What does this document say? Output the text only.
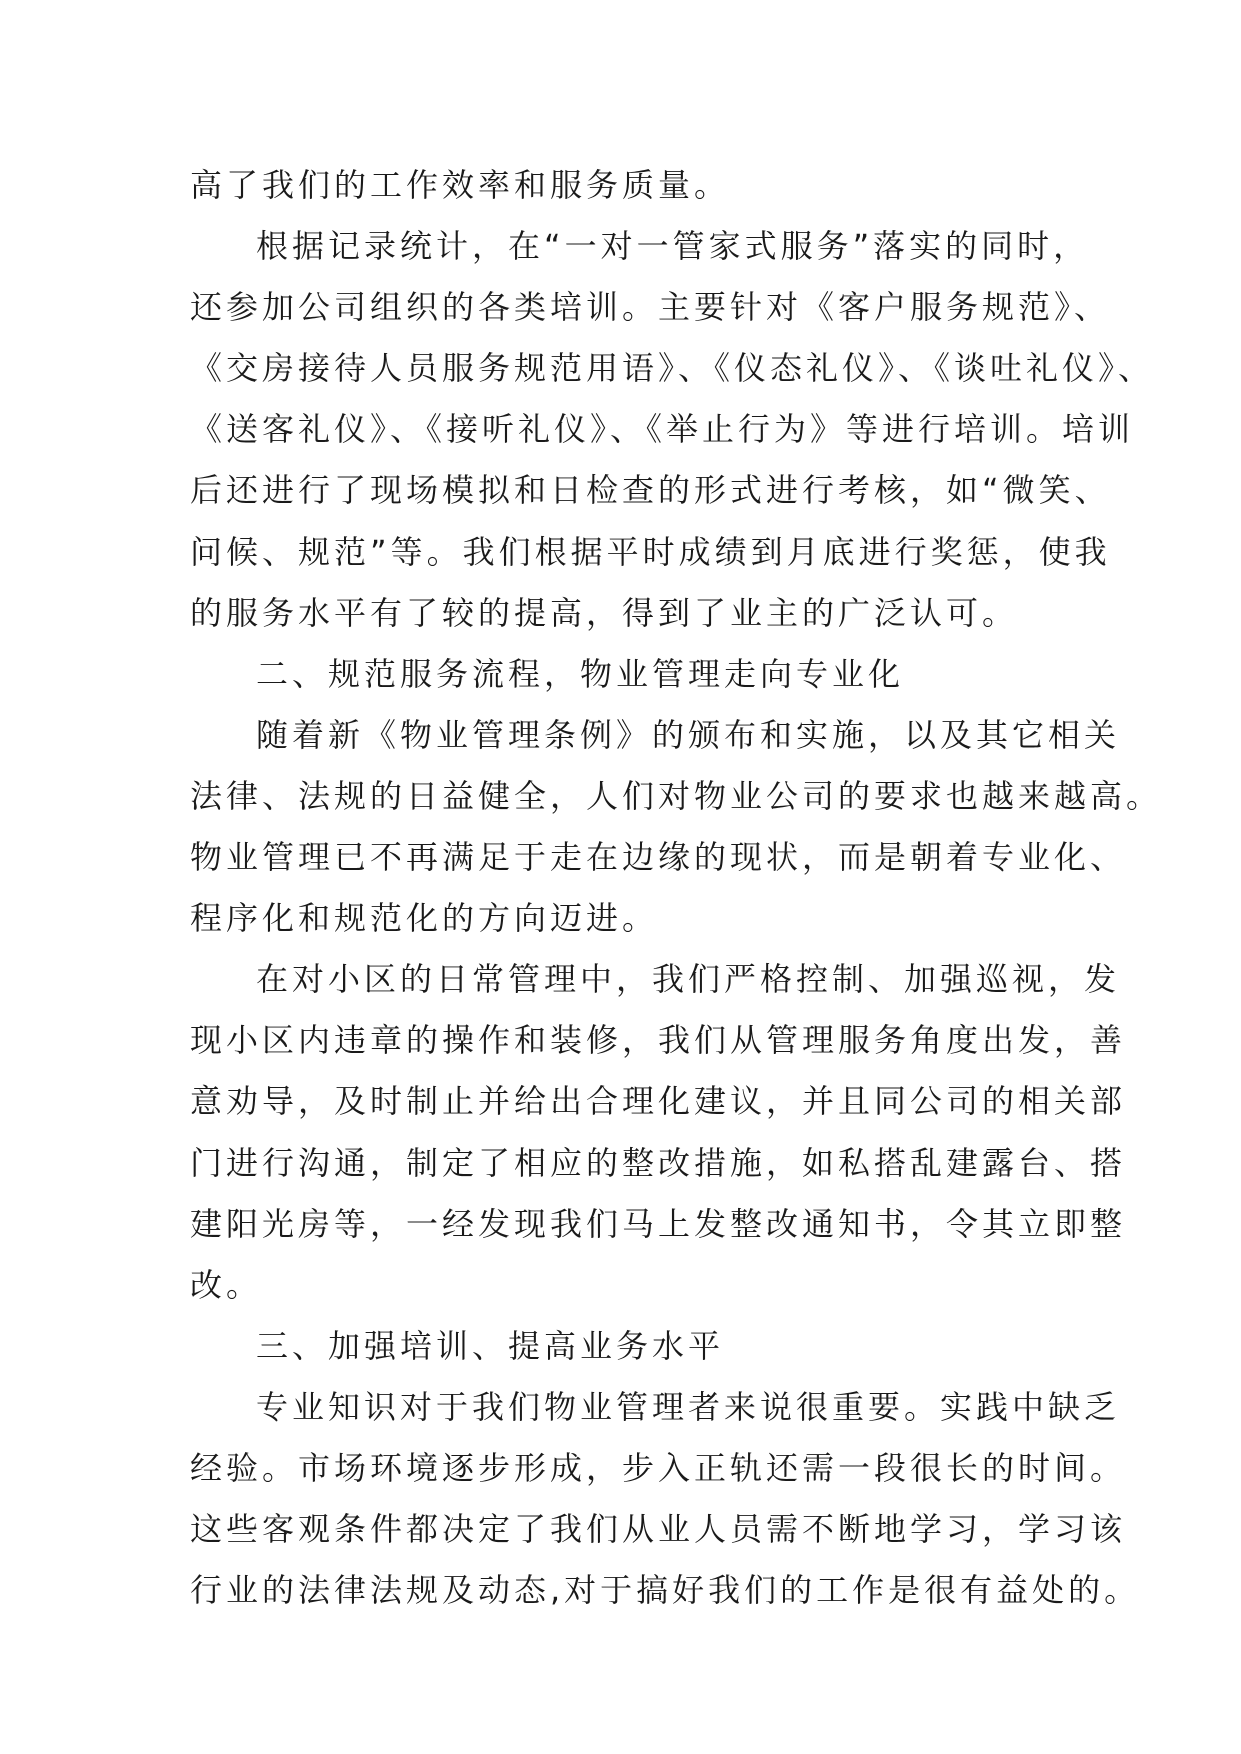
高了我们的工作效率和服务质量。
根据记录统计，在“一对一管家式服务”落实的同时，
还参加公司组织的各类培训。主要针对《客户服务规范》、
《交房接待人员服务规范用语》、《仪态礼仪》、《谈吐礼仪》、
《送客礼仪》、《接听礼仪》、《举止行为》等进行培训。培训
后还进行了现场模拟和日检查的形式进行考核，如“微笑、
问候、规范”等。我们根据平时成绩到月底进行奖惩，使我
的服务水平有了较的提高，得到了业主的广泛认可。
二、规范服务流程，物业管理走向专业化
随着新《物业管理条例》的颁布和实施，以及其它相关
法律、法规的日益健全，人们对物业公司的要求也越来越高。
物业管理已不再满足于走在边缘的现状，而是朝着专业化、
程序化和规范化的方向迈进。
在对小区的日常管理中，我们严格控制、加强巡视，发
现小区内违章的操作和装修，我们从管理服务角度出发，善
意劝导，及时制止并给出合理化建议，并且同公司的相关部
门进行沟通，制定了相应的整改措施，如私搭乱建露台、搭
建阳光房等，一经发现我们马上发整改通知书，令其立即整
改。
三、加强培训、提高业务水平
专业知识对于我们物业管理者来说很重要。实践中缺乏
经验。市场环境逐步形成，步入正轨还需一段很长的时间。
这些客观条件都决定了我们从业人员需不断地学习，学习该
行业的法律法规及动态,对于搞好我们的工作是很有益处的。
